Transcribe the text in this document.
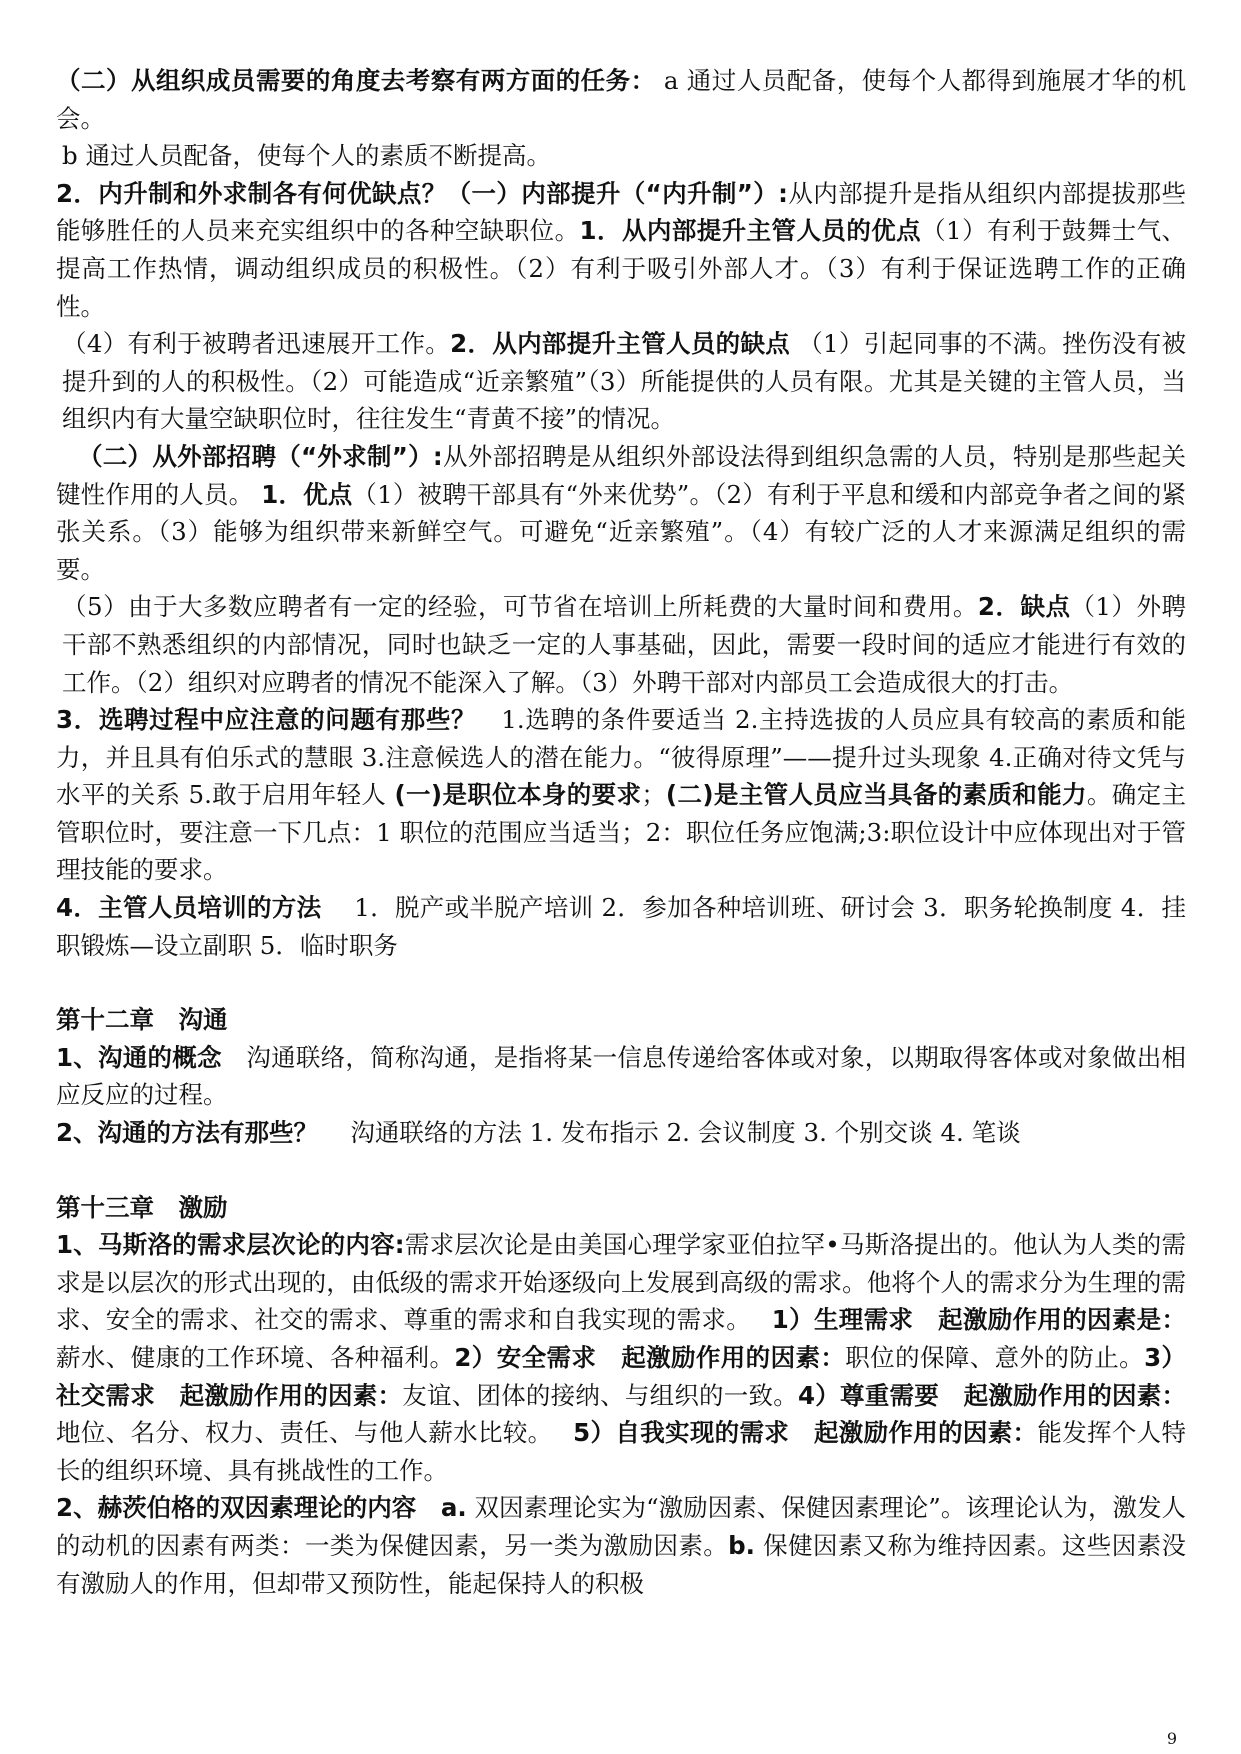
（二）从组织成员需要的角度去考察有两方面的任务： a 通过人员配备，使每个人都得到施展才华的机会。

b 通过人员配备，使每个人的素质不断提高。

2．内升制和外求制各有何优缺点？（一）内部提升（“内升制”）:从内部提升是指从组织内部提拔那些能够胜任的人员来充实组织中的各种空缺职位。1．从内部提升主管人员的优点（1）有利于鼓舞士气、提高工作热情，调动组织成员的积极性。（2）有利于吸引外部人才。（3）有利于保证选聘工作的正确性。

（4）有利于被聘者迅速展开工作。2．从内部提升主管人员的缺点 （1）引起同事的不满。挫伤没有被提升到的人的积极性。（2）可能造成“近亲繁殖”（3）所能提供的人员有限。尤其是关键的主管人员，当组织内有大量空缺职位时，往往发生“青黄不接”的情况。

（二）从外部招聘（“外求制”）:从外部招聘是从组织外部设法得到组织急需的人员，特别是那些起关键性作用的人员。 1．优点（1）被聘干部具有“外来优势”。（2）有利于平息和缓和内部竞争者之间的紧张关系。（3）能够为组织带来新鲜空气。可避免“近亲繁殖”。（4）有较广泛的人才来源满足组织的需要。

（5）由于大多数应聘者有一定的经验，可节省在培训上所耗费的大量时间和费用。2．缺点（1）外聘干部不熟悉组织的内部情况，同时也缺乏一定的人事基础，因此，需要一段时间的适应才能进行有效的工作。（2）组织对应聘者的情况不能深入了解。（3）外聘干部对内部员工会造成很大的打击。

3．选聘过程中应注意的问题有那些？　1.选聘的条件要适当 2.主持选拔的人员应具有较高的素质和能力，并且具有伯乐式的慧眼 3.注意候选人的潜在能力。“彼得原理”——提升过头现象 4.正确对待文凭与水平的关系 5.敢于启用年轻人 (一)是职位本身的要求；(二)是主管人员应当具备的素质和能力。确定主管职位时，要注意一下几点：1 职位的范围应当适当；2：职位任务应饱满;3:职位设计中应体现出对于管理技能的要求。

4．主管人员培训的方法　 1．脱产或半脱产培训 2．参加各种培训班、研讨会 3．职务轮换制度 4．挂职锻炼—设立副职 5．临时职务

第十二章　沟通

1、沟通的概念　沟通联络，简称沟通，是指将某一信息传递给客体或对象，以期取得客体或对象做出相应反应的过程。

2、沟通的方法有那些？　 沟通联络的方法 1. 发布指示 2. 会议制度 3. 个别交谈 4. 笔谈

第十三章　激励

1、马斯洛的需求层次论的内容:需求层次论是由美国心理学家亚伯拉罕•马斯洛提出的。他认为人类的需求是以层次的形式出现的，由低级的需求开始逐级向上发展到高级的需求。他将个人的需求分为生理的需求、安全的需求、社交的需求、尊重的需求和自我实现的需求。　 1）生理需求　起激励作用的因素是：薪水、健康的工作环境、各种福利。2）安全需求　起激励作用的因素：职位的保障、意外的防止。3）社交需求　起激励作用的因素：友谊、团体的接纳、与组织的一致。4）尊重需要　起激励作用的因素：地位、名分、权力、责任、与他人薪水比较。　 5）自我实现的需求　起激励作用的因素：能发挥个人特长的组织环境、具有挑战性的工作。

2、赫茨伯格的双因素理论的内容　a. 双因素理论实为“激励因素、保健因素理论”。该理论认为，激发人的动机的因素有两类：一类为保健因素，另一类为激励因素。b. 保健因素又称为维持因素。这些因素没有激励人的作用，但却带又预防性，能起保持人的积极

9
